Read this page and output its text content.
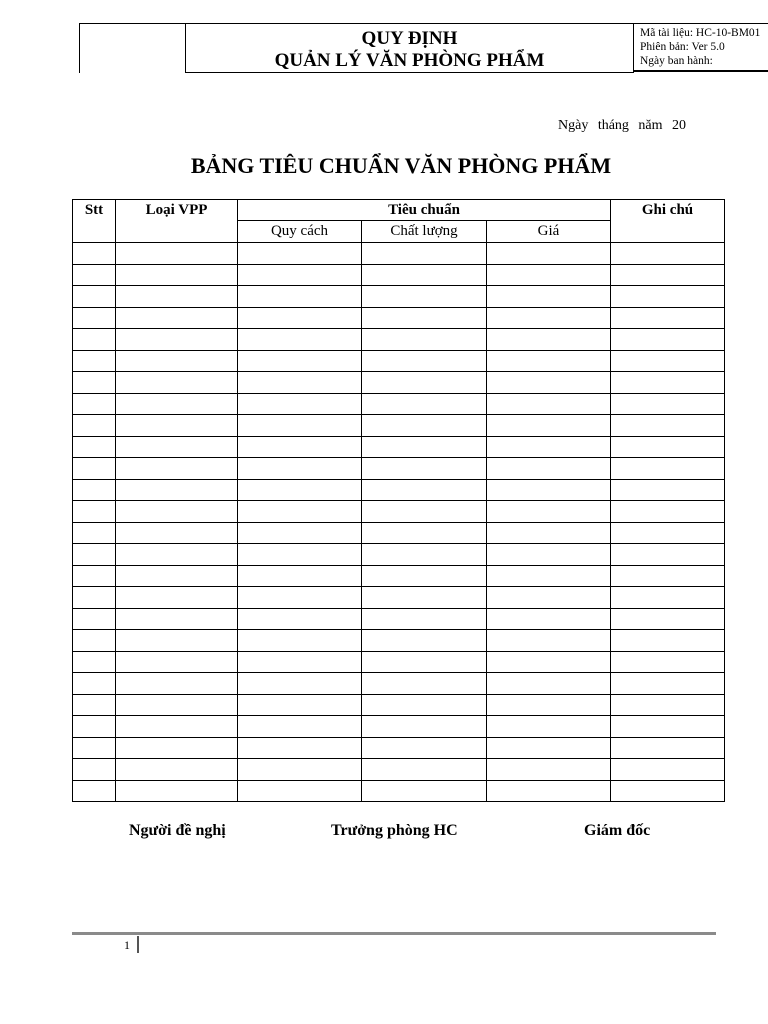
QUY ĐỊNH
QUẢN LÝ VĂN PHÒNG PHẨM
Mã tài liệu: HC-10-BM01
Phiên bản: Ver 5.0
Ngày ban hành:
Ngày tháng năm 20
BẢNG TIÊU CHUẨN VĂN PHÒNG PHẨM
Stt	Loại VPP	Tiêu chuẩn			Ghi chú
		Quy cách	Chất lượng	Giá	

Người đề nghị	Trưởng phòng HC	Giám đốc
1
